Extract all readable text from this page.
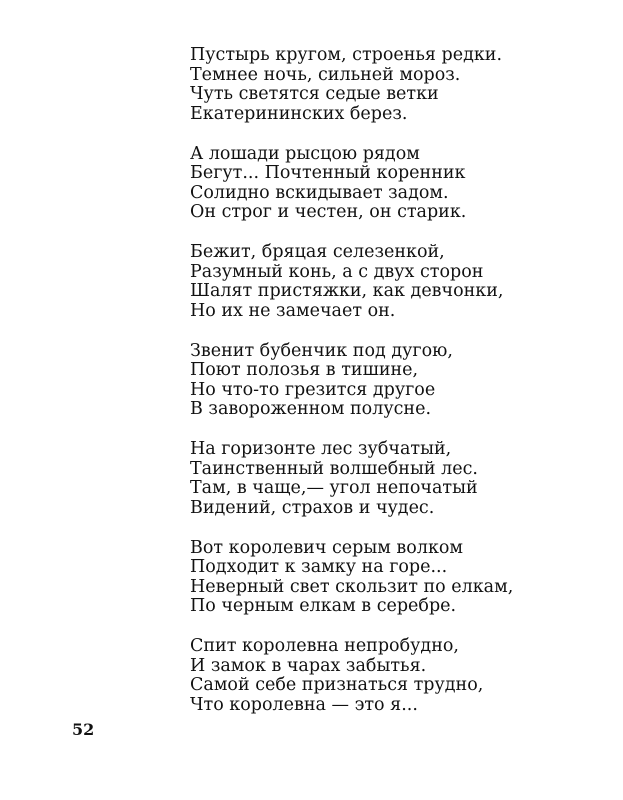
Пустырь кругом, строенья редки.
Темнее ночь, сильней мороз.
Чуть светятся седые ветки
Екатерининских берез.
А лошади рысцою рядом
Бегут... Почтенный коренник
Солидно вскидывает задом.
Он строг и честен, он старик.
Бежит, бряцая селезенкой,
Разумный конь, а с двух сторон
Шалят пристяжки, как девчонки,
Но их не замечает он.
Звенит бубенчик под дугою,
Поют полозья в тишине,
Но что-то грезится другое
В завороженном полусне.
На горизонте лес зубчатый,
Таинственный волшебный лес.
Там, в чаще,— угол непочатый
Видений, страхов и чудес.
Вот королевич серым волком
Подходит к замку на горе...
Неверный свет скользит по елкам,
По черным елкам в серебре.
Спит королевна непробудно,
И замок в чарах забытья.
Самой себе признаться трудно,
Что королевна — это я...
52
